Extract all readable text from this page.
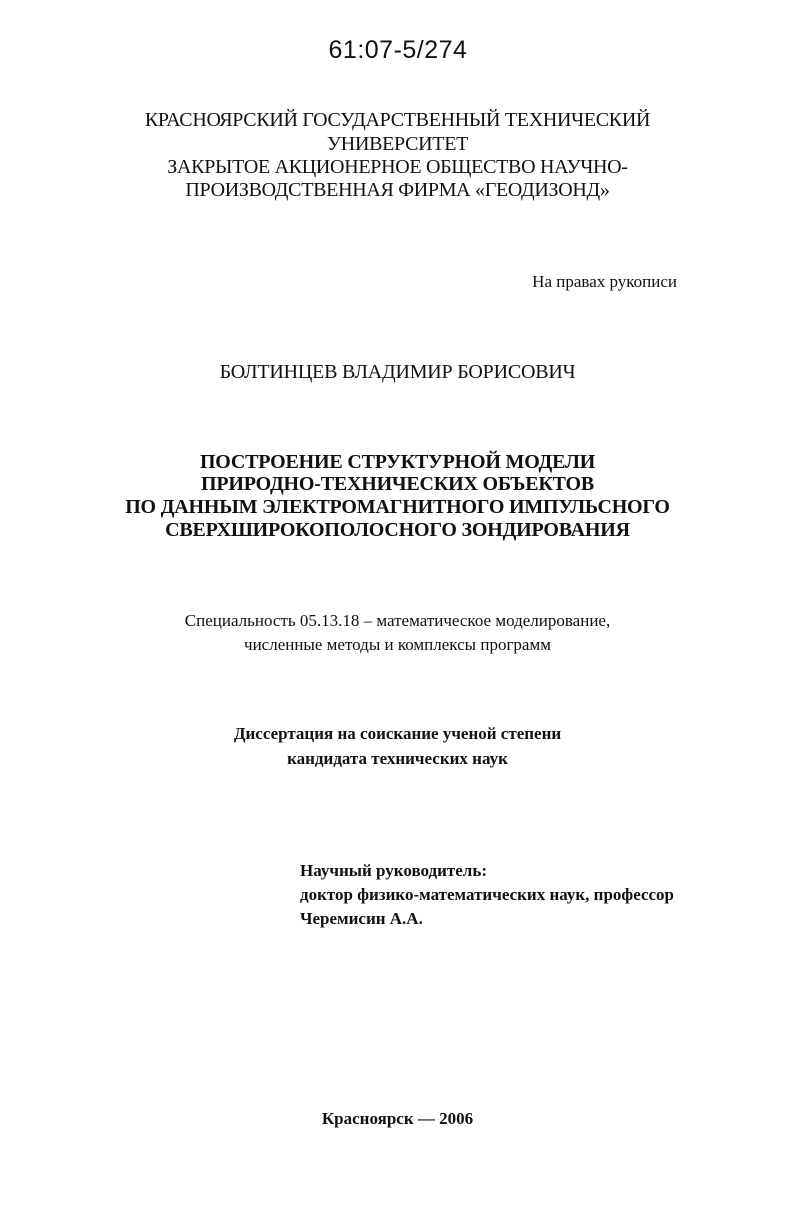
61:07-5/274
КРАСНОЯРСКИЙ ГОСУДАРСТВЕННЫЙ ТЕХНИЧЕСКИЙ
УНИВЕРСИТЕТ
ЗАКРЫТОЕ АКЦИОНЕРНОЕ ОБЩЕСТВО НАУЧНО-
ПРОИЗВОДСТВЕННАЯ ФИРМА «ГЕОДИЗОНД»
На правах рукописи
БОЛТИНЦЕВ ВЛАДИМИР БОРИСОВИЧ
ПОСТРОЕНИЕ СТРУКТУРНОЙ МОДЕЛИ
ПРИРОДНО-ТЕХНИЧЕСКИХ ОБЪЕКТОВ
ПО ДАННЫМ ЭЛЕКТРОМАГНИТНОГО ИМПУЛЬСНОГО
СВЕРХШИРОКОПОЛОСНОГО ЗОНДИРОВАНИЯ
Специальность 05.13.18 – математическое моделирование,
численные методы и комплексы программ
Диссертация на соискание ученой степени
кандидата технических наук
Научный руководитель:
доктор физико-математических наук, профессор
Черемисин А.А.
Красноярск — 2006
